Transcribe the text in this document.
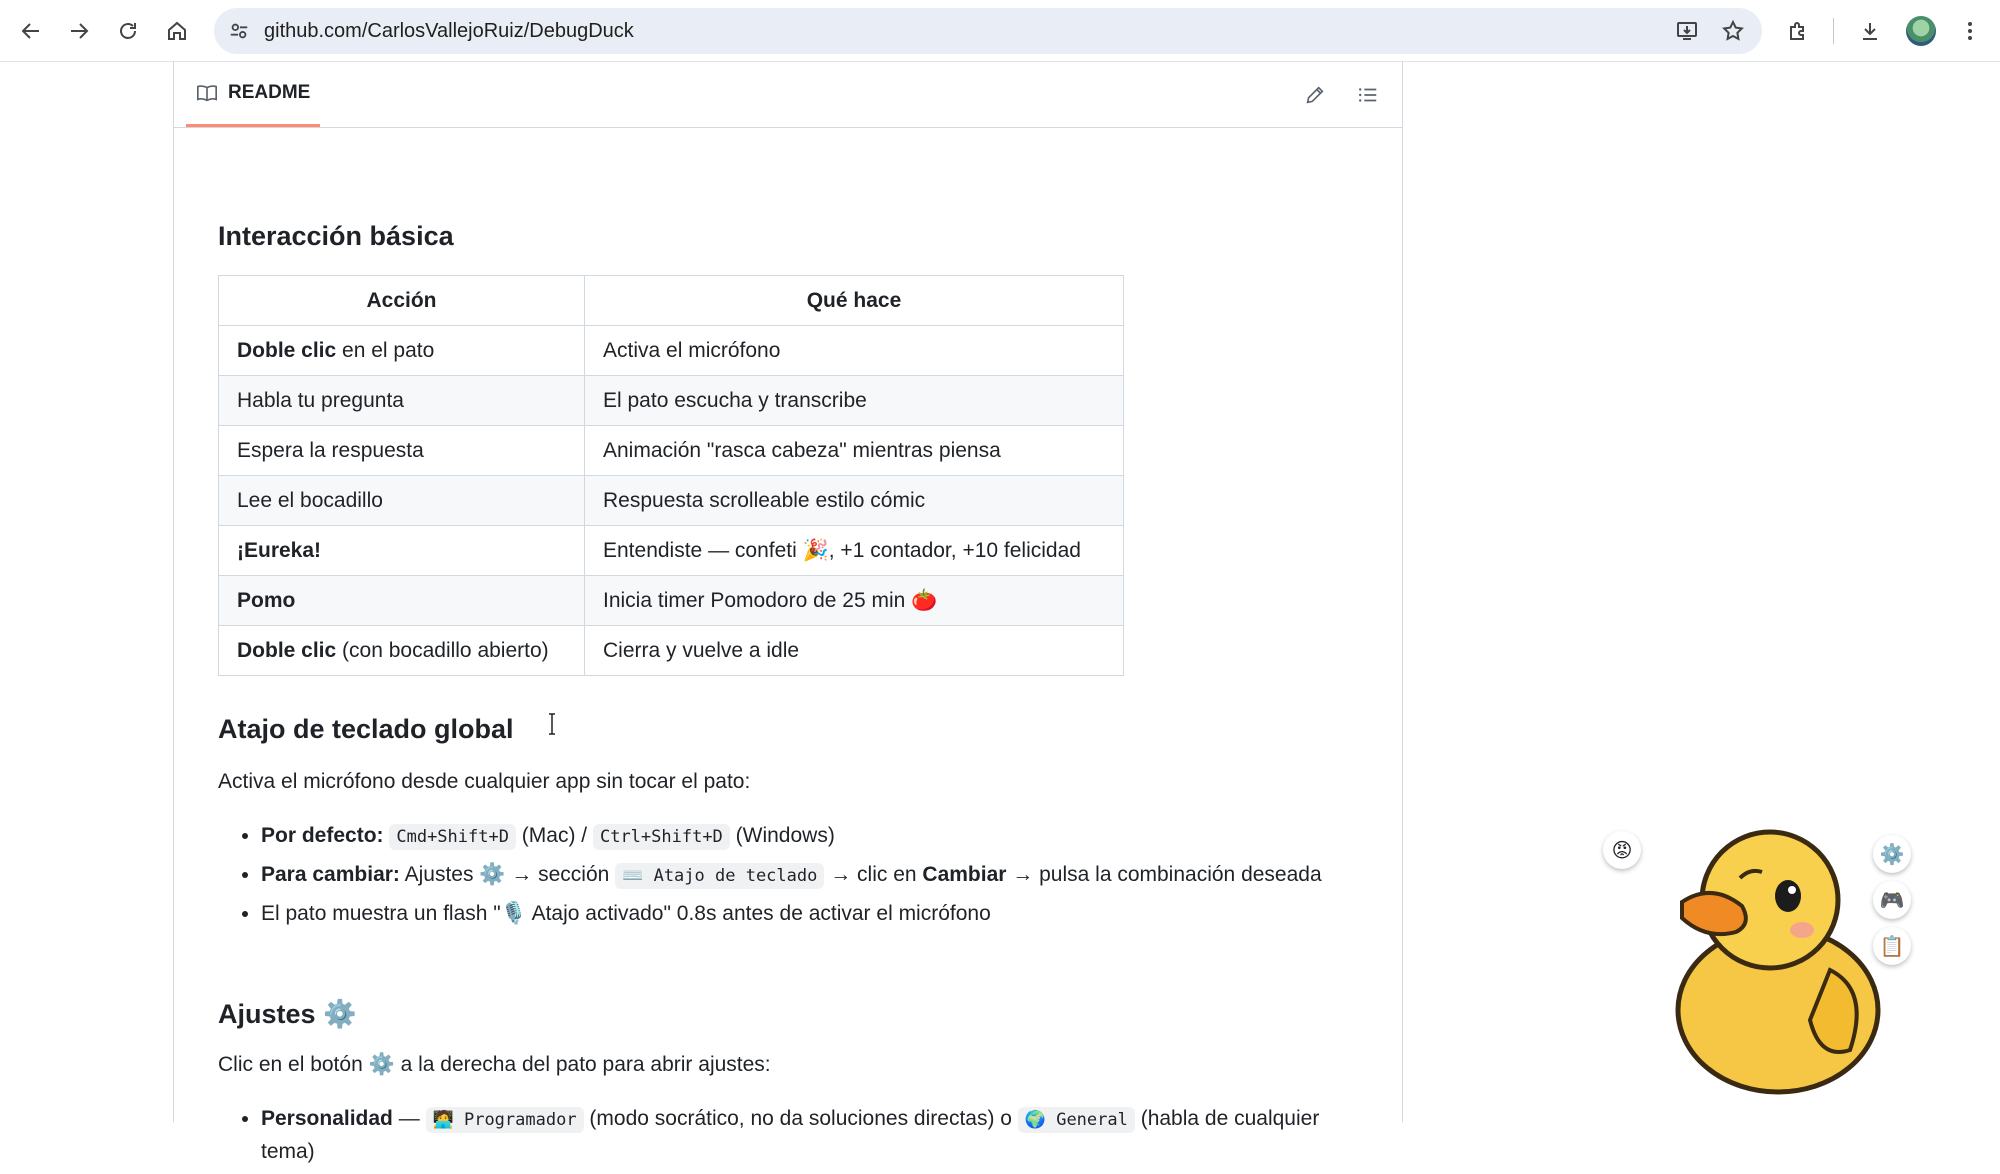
github.com/CarlosVallejoRuiz/DebugDuck
README
Interacción básica
Acción	Qué hace
Doble clic en el pato	Activa el micrófono
Habla tu pregunta	El pato escucha y transcribe
Espera la respuesta	Animación "rasca cabeza" mientras piensa
Lee el bocadillo	Respuesta scrolleable estilo cómic
¡Eureka!	Entendiste — confeti 🎉, +1 contador, +10 felicidad
Pomo	Inicia timer Pomodoro de 25 min 🍅
Doble clic (con bocadillo abierto)	Cierra y vuelve a idle
Atajo de teclado global

Activa el micrófono desde cualquier app sin tocar el pato:

• Por defecto: Cmd+Shift+D (Mac) / Ctrl+Shift+D (Windows)
• Para cambiar: Ajustes ⚙️ → sección ⌨️ Atajo de teclado → clic en Cambiar → pulsa la combinación deseada
• El pato muestra un flash "🎙️ Atajo activado" 0.8s antes de activar el micrófono
Ajustes ⚙️

Clic en el botón ⚙️ a la derecha del pato para abrir ajustes:

• Personalidad — 🧑‍💻 Programador (modo socrático, no da soluciones directas) o 🌍 General (habla de cualquier tema)
😡	⚙️
🎮
📋
